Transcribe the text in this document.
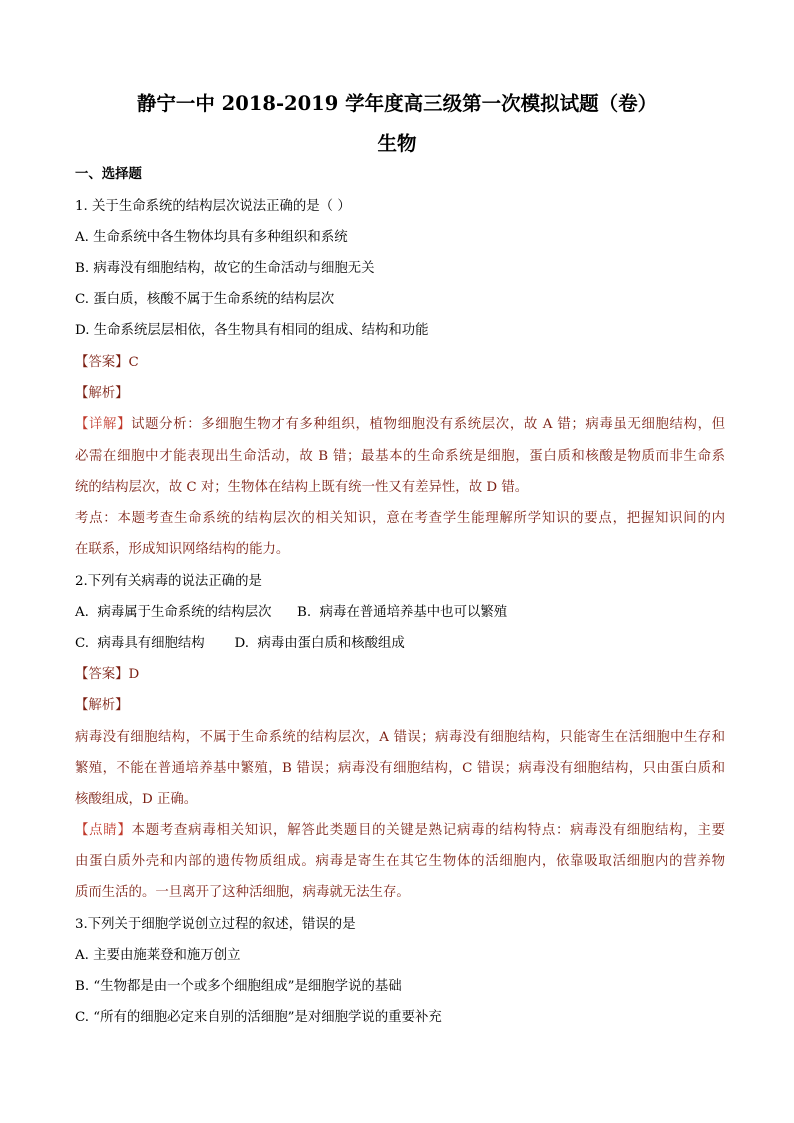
静宁一中 2018-2019 学年度高三级第一次模拟试题（卷）
生物
一、选择题
1. 关于生命系统的结构层次说法正确的是（ ）
A. 生命系统中各生物体均具有多种组织和系统
B. 病毒没有细胞结构，故它的生命活动与细胞无关
C. 蛋白质，核酸不属于生命系统的结构层次
D. 生命系统层层相依，各生物具有相同的组成、结构和功能
【答案】C
【解析】
【详解】试题分析：多细胞生物才有多种组织，植物细胞没有系统层次，故 A 错；病毒虽无细胞结构，但
必需在细胞中才能表现出生命活动，故 B 错；最基本的生命系统是细胞，蛋白质和核酸是物质而非生命系
统的结构层次，故 C 对；生物体在结构上既有统一性又有差异性，故 D 错。
考点：本题考查生命系统的结构层次的相关知识，意在考查学生能理解所学知识的要点，把握知识间的内
在联系，形成知识网络结构的能力。
2.下列有关病毒的说法正确的是
A.  病毒属于生命系统的结构层次      B.  病毒在普通培养基中也可以繁殖
C.  病毒具有细胞结构       D.  病毒由蛋白质和核酸组成
【答案】D
【解析】
病毒没有细胞结构，不属于生命系统的结构层次，A 错误；病毒没有细胞结构，只能寄生在活细胞中生存和
繁殖，不能在普通培养基中繁殖，B 错误；病毒没有细胞结构，C 错误；病毒没有细胞结构，只由蛋白质和
核酸组成，D 正确。
【点睛】本题考查病毒相关知识，解答此类题目的关键是熟记病毒的结构特点：病毒没有细胞结构，主要
由蛋白质外壳和内部的遗传物质组成。病毒是寄生在其它生物体的活细胞内，依靠吸取活细胞内的营养物
质而生活的。一旦离开了这种活细胞，病毒就无法生存。
3.下列关于细胞学说创立过程的叙述，错误的是
A. 主要由施莱登和施万创立
B. “生物都是由一个或多个细胞组成”是细胞学说的基础
C. “所有的细胞必定来自别的活细胞”是对细胞学说的重要补充
